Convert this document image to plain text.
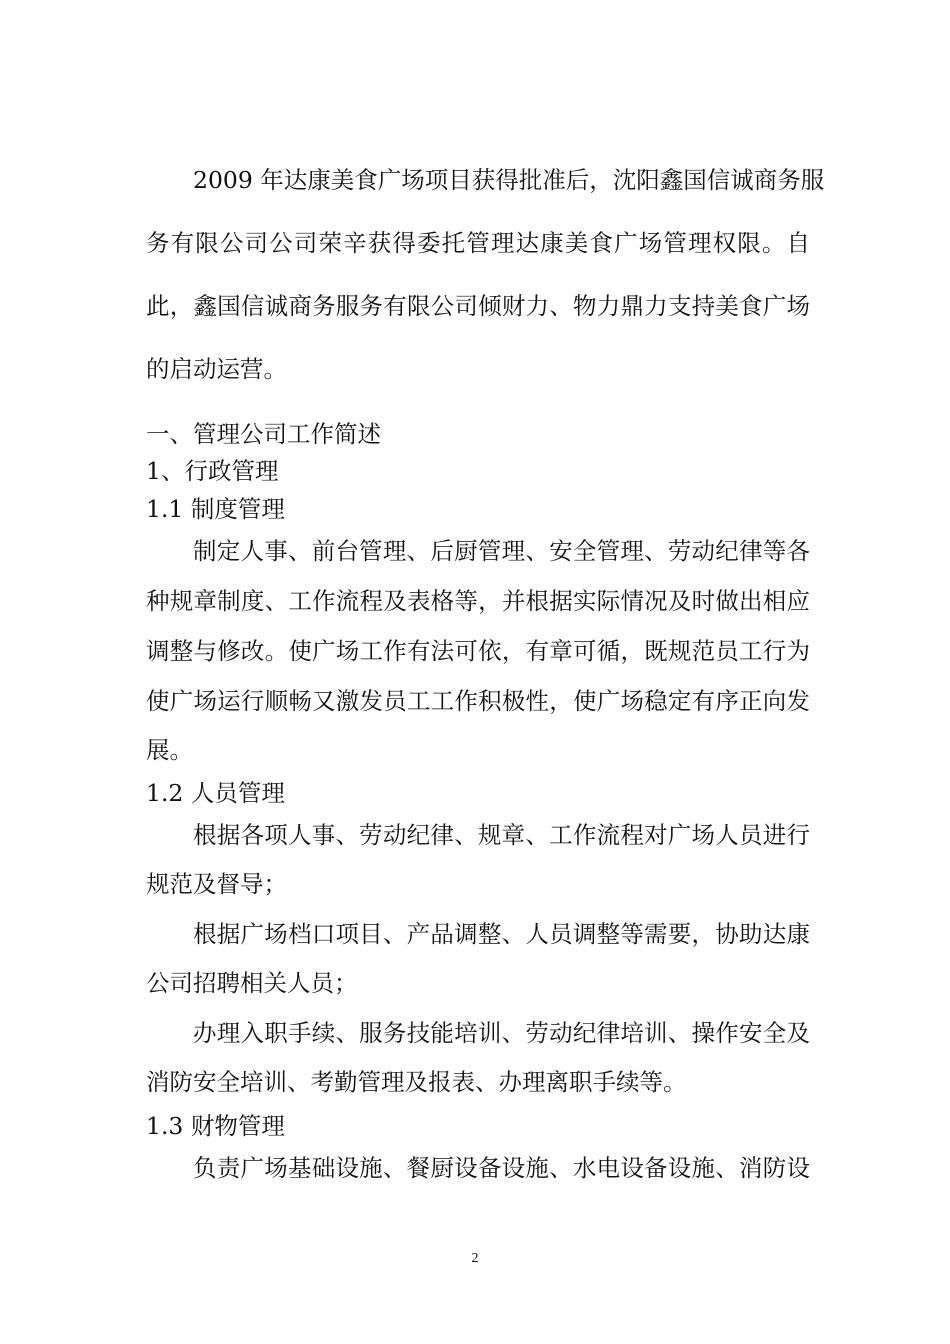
2009 年达康美食广场项目获得批准后，沈阳鑫国信诚商务服
务有限公司公司荣辛获得委托管理达康美食广场管理权限。自
此，鑫国信诚商务服务有限公司倾财力、物力鼎力支持美食广场
的启动运营。
一、管理公司工作简述
1、行政管理
1.1 制度管理
制定人事、前台管理、后厨管理、安全管理、劳动纪律等各
种规章制度、工作流程及表格等，并根据实际情况及时做出相应
调整与修改。使广场工作有法可依，有章可循，既规范员工行为
使广场运行顺畅又激发员工工作积极性，使广场稳定有序正向发
展。
1.2 人员管理
根据各项人事、劳动纪律、规章、工作流程对广场人员进行
规范及督导；
根据广场档口项目、产品调整、人员调整等需要，协助达康
公司招聘相关人员；
办理入职手续、服务技能培训、劳动纪律培训、操作安全及
消防安全培训、考勤管理及报表、办理离职手续等。
1.3 财物管理
负责广场基础设施、餐厨设备设施、水电设备设施、消防设
2
